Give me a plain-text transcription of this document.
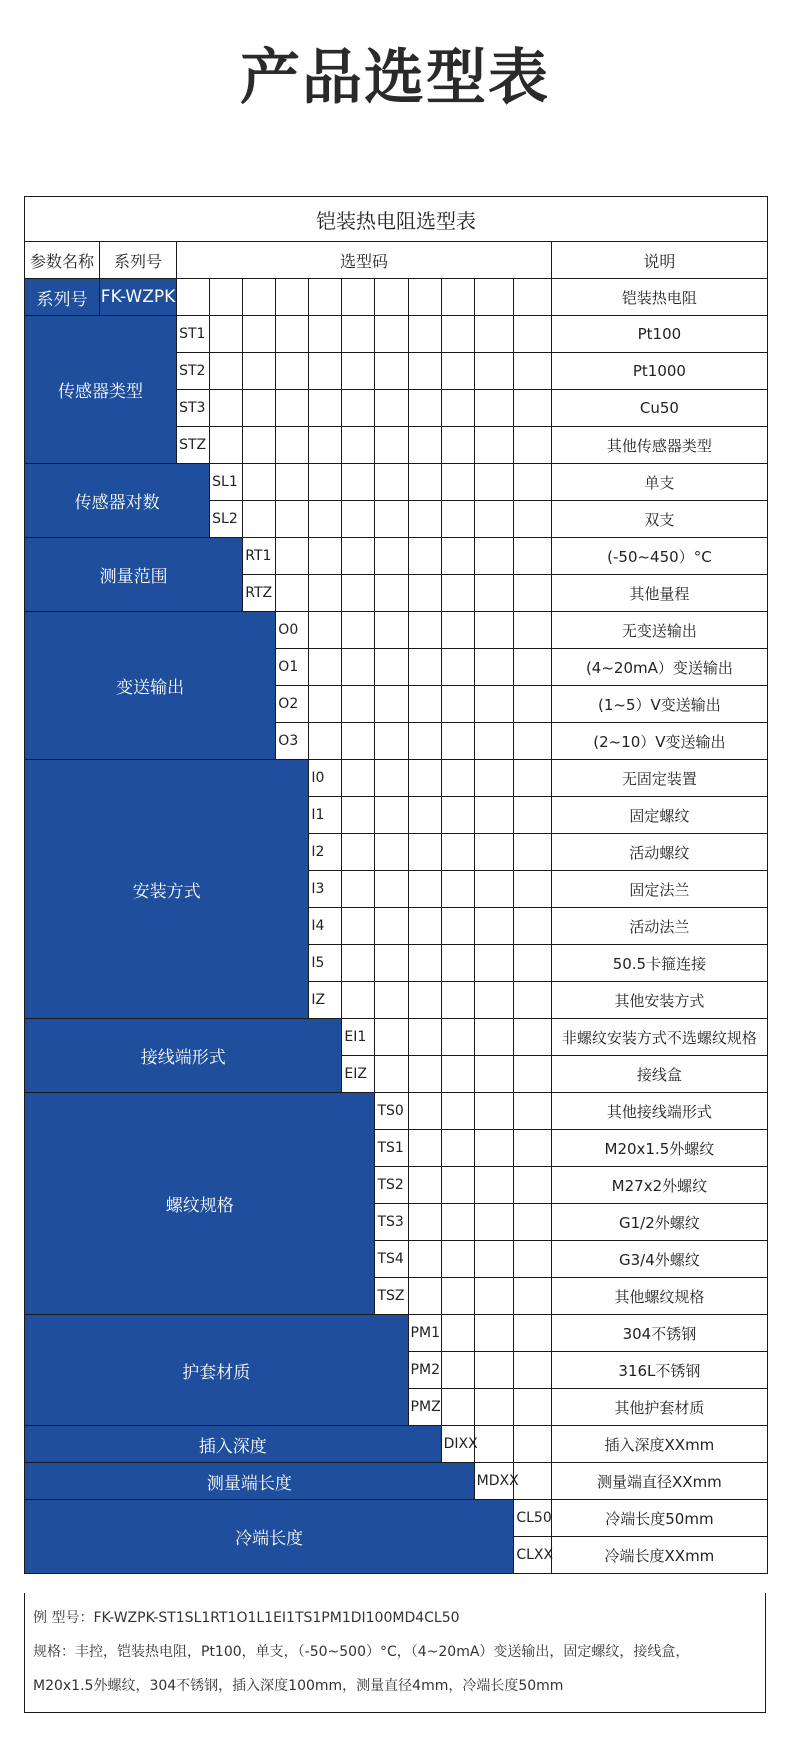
产品选型表
铠装热电阻选型表													
参数名称	系列号	选型码											说明
系列号	FK-WZPK												铠装热电阻
传感器类型		ST1											Pt100
		ST2											Pt1000
		ST3											Cu50
		STZ											其他传感器类型
传感器对数			SL1										单支
			SL2										双支
测量范围				RT1									(-50~450）°C
				RTZ									其他量程
变送输出					O0								无变送输出
					O1								(4~20mA）变送输出
					O2								(1~5）V变送输出
					O3								(2~10）V变送输出
安装方式						I0							无固定装置
						I1							固定螺纹
						I2							活动螺纹
						I3							固定法兰
						I4							活动法兰
						I5							50.5卡箍连接
						IZ							其他安装方式
接线端形式							EI1						非螺纹安装方式不选螺纹规格
							EIZ						接线盒
螺纹规格								TS0					其他接线端形式
								TS1					M20x1.5外螺纹
								TS2					M27x2外螺纹
								TS3					G1/2外螺纹
								TS4					G3/4外螺纹
								TSZ					其他螺纹规格
护套材质									PM1				304不锈钢
									PM2				316L不锈钢
									PMZ				其他护套材质
插入深度										DIXX			插入深度XXmm
测量端长度											MDXX		测量端直径XXmm
冷端长度												CL50	冷端长度50mm
												CLXX	冷端长度XXmm
例 型号：FK-WZPK-ST1SL1RT1O1L1EI1TS1PM1DI100MD4CL50
规格：丰控，铠装热电阻，Pt100，单支，（-50~500）°C，（4~20mA）变送输出，固定螺纹，接线盒，
M20x1.5外螺纹，304不锈钢，插入深度100mm，测量直径4mm，冷端长度50mm
